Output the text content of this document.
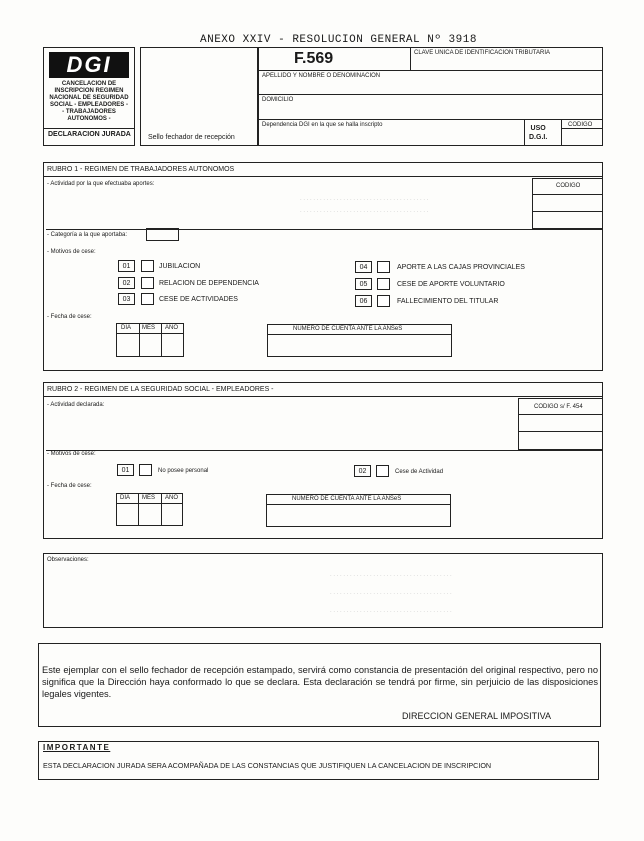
ANEXO XXIV - RESOLUCION GENERAL Nº 3918
DGI
CANCELACION DE
INSCRIPCION REGIMEN
NACIONAL DE SEGURIDAD
SOCIAL - EMPLEADORES -
- TRABAJADORES
AUTONOMOS -
DECLARACION JURADA Sello fechador de recepción
F.569	CLAVE UNICA DE IDENTIFICACION TRIBUTARIA
APELLIDO Y NOMBRE O DENOMINACION
DOMICILIO
Dependencia DGI en la que se halla inscripto	USO
D.G.I.
CODIGO
. . . . . . . . . . . . . . . . . . . . . . . . . . . . . . . . . . . . . . .
. . . . . . . . . . . . . . . . . . . . . . . . . . . . . . . . . . . . . . .
RUBRO 1 - REGIMEN DE TRABAJADORES AUTONOMOS
- Actividad por la que efectuaba aportes:	CODIGO
- Categoría a la que aportaba:
- Motivos de cese:
01	JUBILACION
02	RELACION DE DEPENDENCIA
03	CESE DE ACTIVIDADES
04	APORTE A LAS CAJAS PROVINCIALES
05	CESE DE APORTE VOLUNTARIO
06	FALLECIMIENTO DEL TITULAR
- Fecha de cese:
DIA MES AÑO	NUMERO DE CUENTA ANTE LA ANSeS
RUBRO 2 - REGIMEN DE LA SEGURIDAD SOCIAL - EMPLEADORES -
- Actividad declarada:	CODIGO s/ F. 454
- Motivos de cese:
01	No posee personal	02	Cese de Actividad
- Fecha de cese:
DIA MES AÑO	NUMERO DE CUENTA ANTE LA ANSeS
Observaciones:
. . . . . . . . . . . . . . . . . . . . . . . . . . . . . . . . . . . . .
. . . . . . . . . . . . . . . . . . . . . . . . . . . . . . . . . . . . .
. . . . . . . . . . . . . . . . . . . . . . . . . . . . . . . . . . . . .
Este ejemplar con el sello fechador de recepción estampado, servirá como constancia de presentación del original respectivo, pero no significa que la Dirección haya conformado lo que se declara. Esta declaración se tendrá por firme, sin perjuicio de las disposiciones legales vigentes.
DIRECCION GENERAL IMPOSITIVA
IMPORTANTE
ESTA DECLARACION JURADA SERA ACOMPAÑADA DE LAS CONSTANCIAS QUE JUSTIFIQUEN LA CANCELACION DE INSCRIPCION
